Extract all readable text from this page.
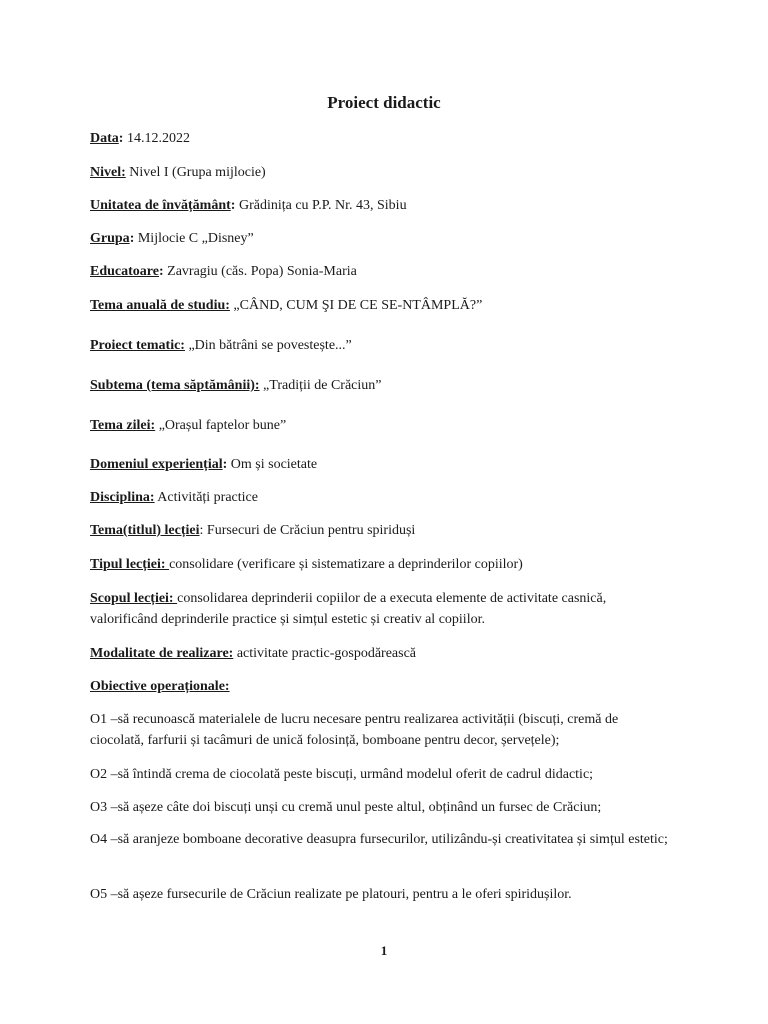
Proiect didactic
Data: 14.12.2022
Nivel: Nivel I (Grupa mijlocie)
Unitatea de învățământ: Grădinița cu P.P. Nr. 43, Sibiu
Grupa: Mijlocie C „Disney”
Educatoare: Zavragiu (căs. Popa) Sonia-Maria
Tema anuală de studiu: „CÂND, CUM ŞI DE CE SE-NTÂMPLĂ?”
Proiect tematic: „Din bătrâni se povestește...”
Subtema (tema săptămânii): „Tradiții de Crăciun”
Tema zilei: „Orașul faptelor bune”
Domeniul experiențial: Om și societate
Disciplina: Activități practice
Tema(titlul) lecției: Fursecuri de Crăciun pentru spiriduși
Tipul lecției: consolidare (verificare și sistematizare a deprinderilor copiilor)
Scopul lecției: consolidarea deprinderii copiilor de a executa elemente de activitate casnică, valorificând deprinderile practice și simțul estetic și creativ al copiilor.
Modalitate de realizare: activitate practic-gospodărească
Obiective operaționale:
O1 –să recunoască materialele de lucru necesare pentru realizarea activității (biscuți, cremă de ciocolată, farfurii și tacâmuri de unică folosință, bomboane pentru decor, șervețele);
O2 –să întindă crema de ciocolată peste biscuți, urmând modelul oferit de cadrul didactic;
O3 –să așeze câte doi biscuți unși cu cremă unul peste altul, obținând un fursec de Crăciun;
O4 –să aranjeze bomboane decorative deasupra fursecurilor, utilizându-și creativitatea și simțul estetic;
O5 –să așeze fursecurile de Crăciun realizate pe platouri, pentru a le oferi spiridușilor.
1
